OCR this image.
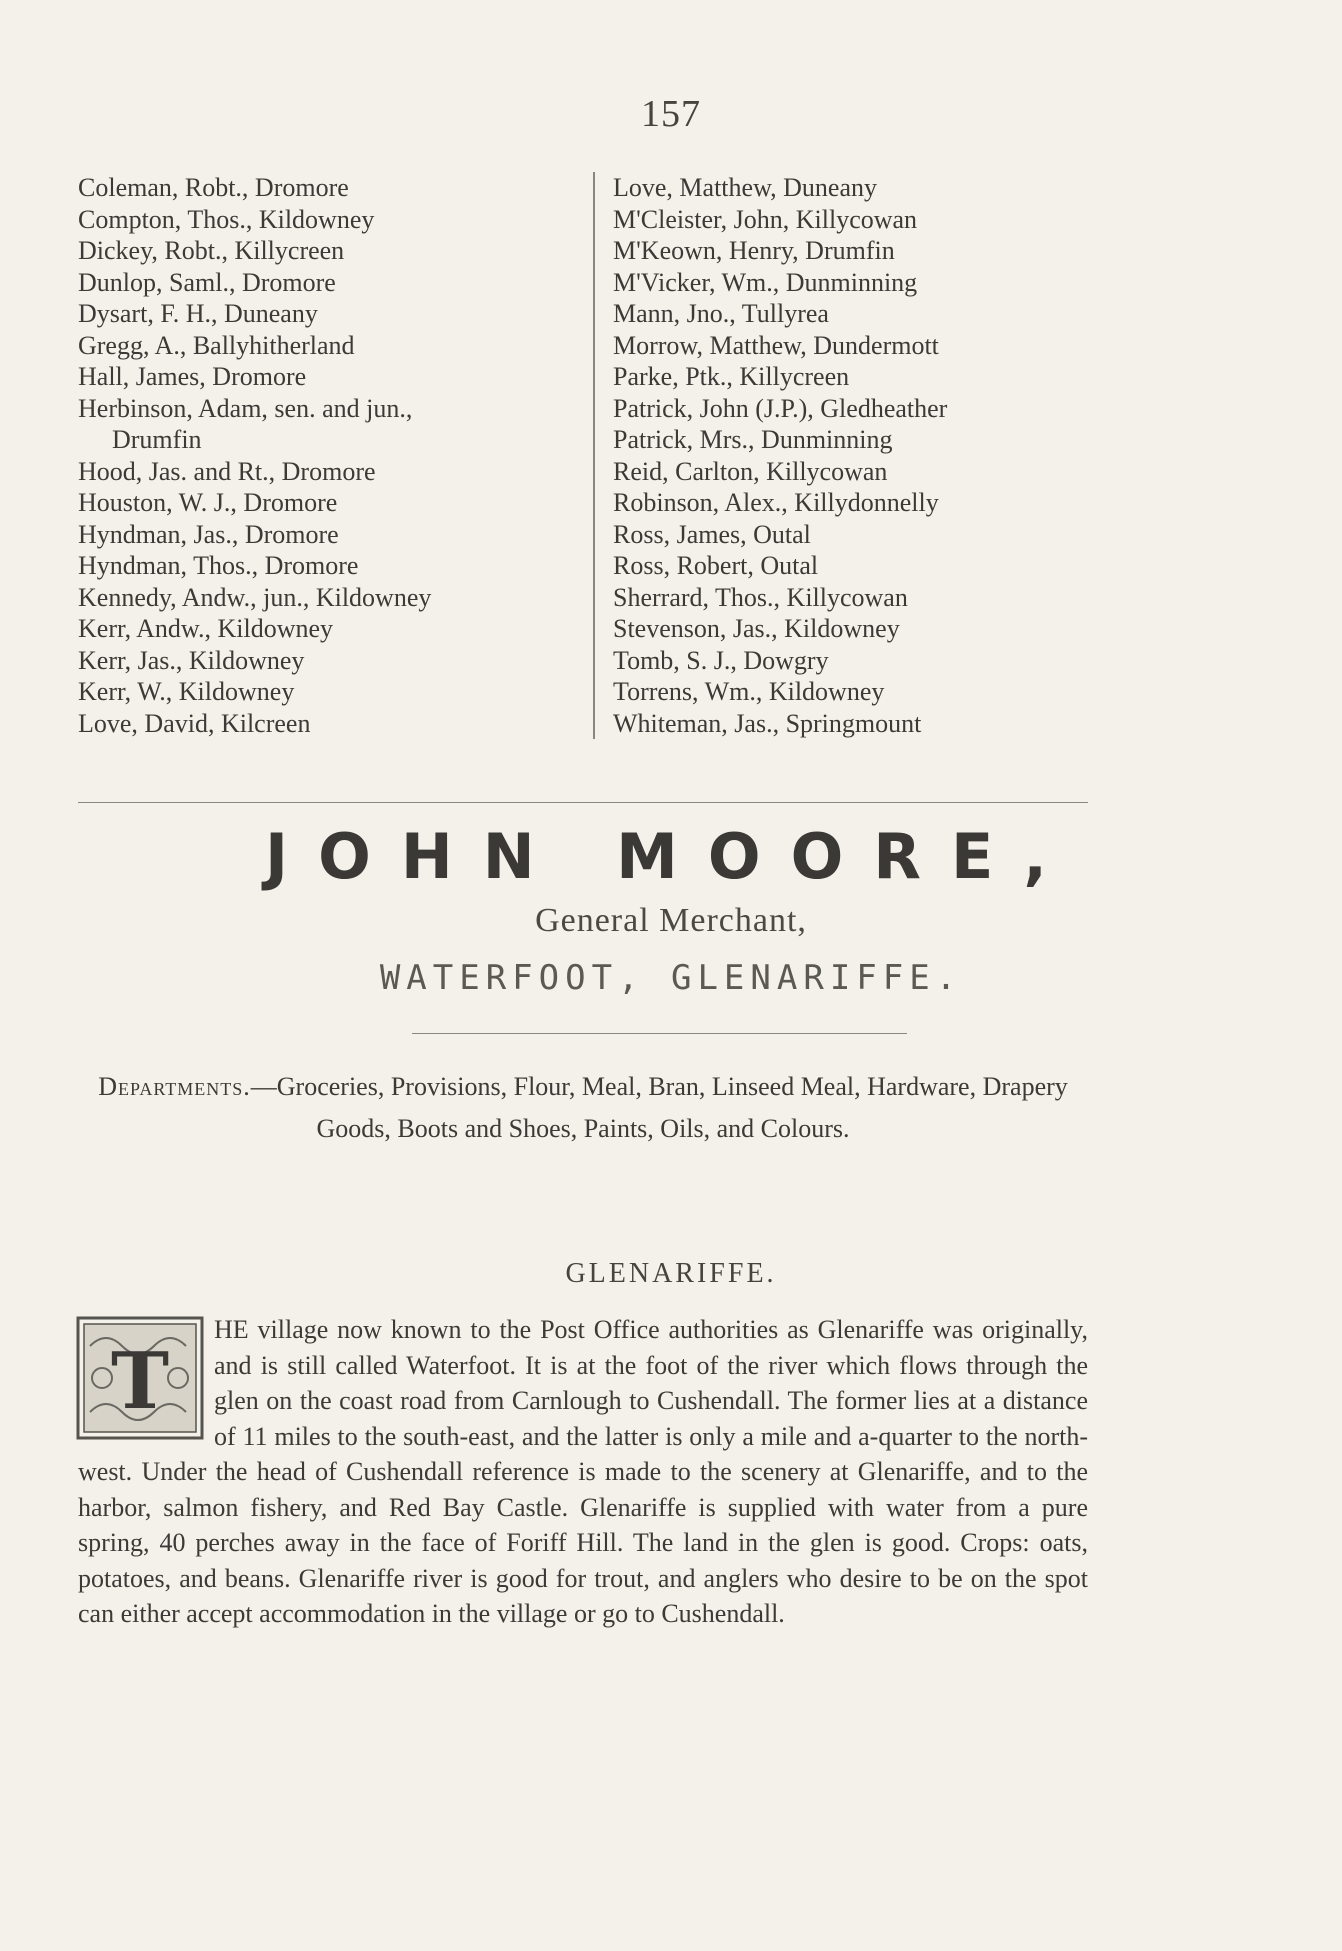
157
Coleman, Robt., Dromore
Compton, Thos., Kildowney
Dickey, Robt., Killycreen
Dunlop, Saml., Dromore
Dysart, F. H., Duneany
Gregg, A., Ballyhitherland
Hall, James, Dromore
Herbinson, Adam, sen. and jun.,
Drumfin
Hood, Jas. and Rt., Dromore
Houston, W. J., Dromore
Hyndman, Jas., Dromore
Hyndman, Thos., Dromore
Kennedy, Andw., jun., Kildowney
Kerr, Andw., Kildowney
Kerr, Jas., Kildowney
Kerr, W., Kildowney
Love, David, Kilcreen
Love, Matthew, Duneany
M'Cleister, John, Killycowan
M'Keown, Henry, Drumfin
M'Vicker, Wm., Dunminning
Mann, Jno., Tullyrea
Morrow, Matthew, Dundermott
Parke, Ptk., Killycreen
Patrick, John (J.P.), Gledheather
Patrick, Mrs., Dunminning
Reid, Carlton, Killycowan
Robinson, Alex., Killydonnelly
Ross, James, Outal
Ross, Robert, Outal
Sherrard, Thos., Killycowan
Stevenson, Jas., Kildowney
Tomb, S. J., Dowgry
Torrens, Wm., Kildowney
Whiteman, Jas., Springmount
JOHN MOORE,
General Merchant,
WATERFOOT, GLENARIFFE.
Departments.—Groceries, Provisions, Flour, Meal, Bran, Linseed Meal, Hardware, Drapery Goods, Boots and Shoes, Paints, Oils, and Colours.
GLENARIFFE.
T
HE village now known to the Post Office authorities as Glenariffe was originally, and is still called Waterfoot. It is at the foot of the river which flows through the glen on the coast road from Carnlough to Cushendall. The former lies at a distance of 11 miles to the south-east, and the latter is only a mile and a-quarter to the north-west. Under the head of Cushendall reference is made to the scenery at Glenariffe, and to the harbor, salmon fishery, and Red Bay Castle. Glenariffe is supplied with water from a pure spring, 40 perches away in the face of Foriff Hill. The land in the glen is good. Crops: oats, potatoes, and beans. Glenariffe river is good for trout, and anglers who desire to be on the spot can either accept accommodation in the village or go to Cushendall.
